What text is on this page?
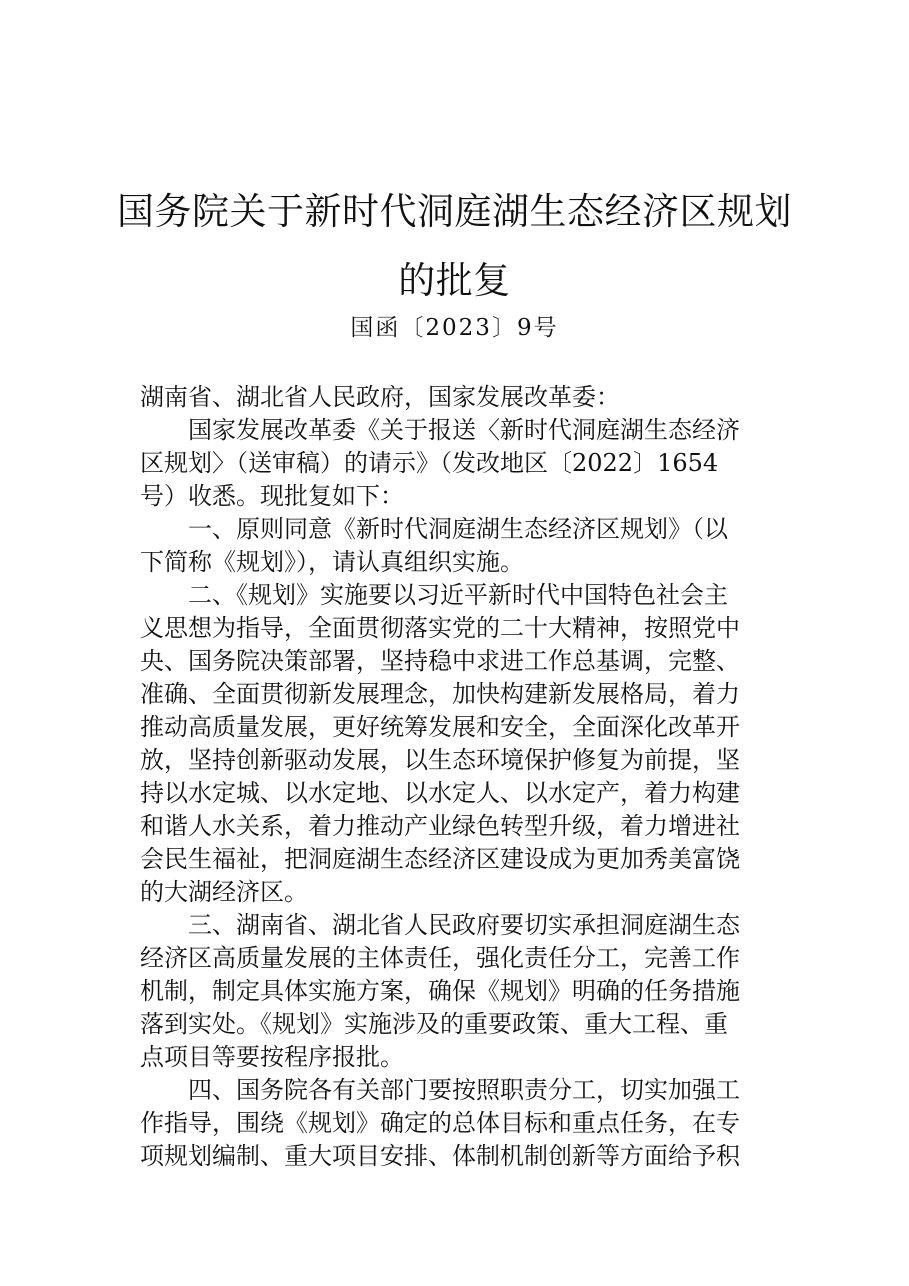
国务院关于新时代洞庭湖生态经济区规划
的批复
国函〔2023〕9号
湖南省、湖北省人民政府，国家发展改革委：
国家发展改革委《关于报送〈新时代洞庭湖生态经济
区规划〉（送审稿）的请示》（发改地区〔2022〕1654
号）收悉。现批复如下：
一、原则同意《新时代洞庭湖生态经济区规划》（以
下简称《规划》），请认真组织实施。
二、《规划》实施要以习近平新时代中国特色社会主
义思想为指导，全面贯彻落实党的二十大精神，按照党中
央、国务院决策部署，坚持稳中求进工作总基调，完整、
准确、全面贯彻新发展理念，加快构建新发展格局，着力
推动高质量发展，更好统筹发展和安全，全面深化改革开
放，坚持创新驱动发展，以生态环境保护修复为前提，坚
持以水定城、以水定地、以水定人、以水定产，着力构建
和谐人水关系，着力推动产业绿色转型升级，着力增进社
会民生福祉，把洞庭湖生态经济区建设成为更加秀美富饶
的大湖经济区。
三、湖南省、湖北省人民政府要切实承担洞庭湖生态
经济区高质量发展的主体责任，强化责任分工，完善工作
机制，制定具体实施方案，确保《规划》明确的任务措施
落到实处。《规划》实施涉及的重要政策、重大工程、重
点项目等要按程序报批。
四、国务院各有关部门要按照职责分工，切实加强工
作指导，围绕《规划》确定的总体目标和重点任务，在专
项规划编制、重大项目安排、体制机制创新等方面给予积
